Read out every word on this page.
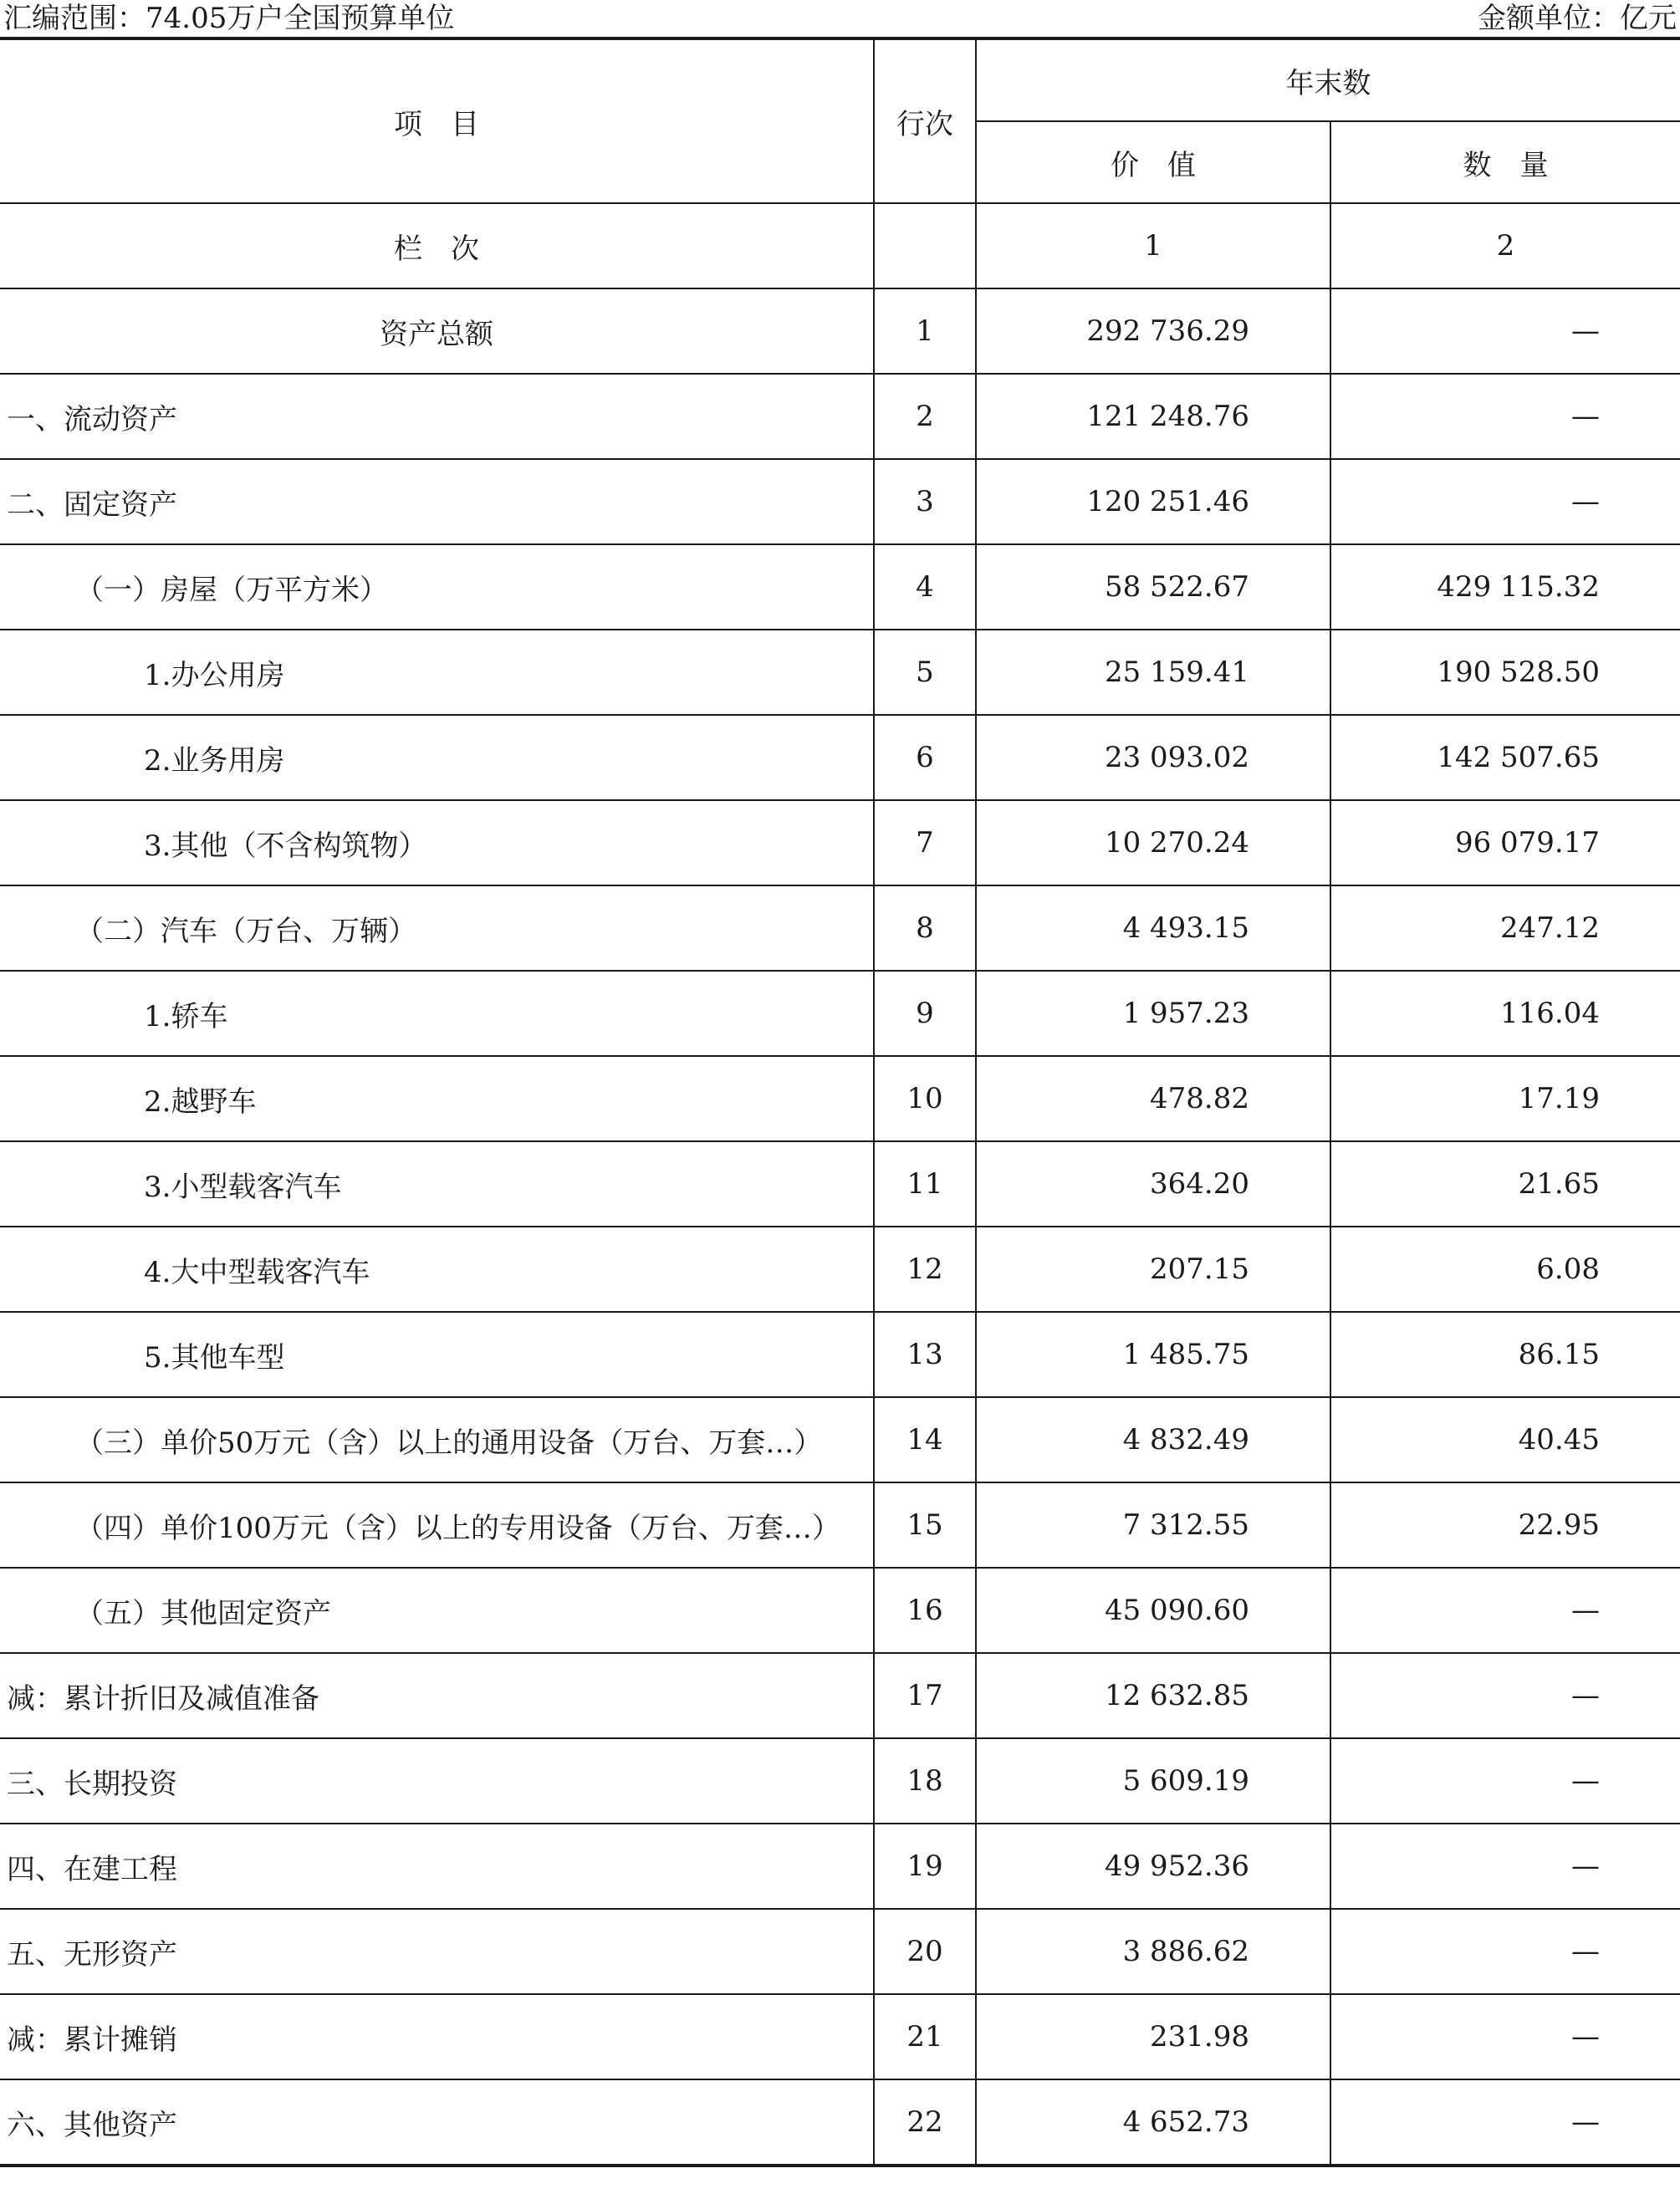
汇编范围：74.05万户全国预算单位	金额单位：亿元
项　目	行次	年末数	
		价　值	数　量
栏　次		1	2
资产总额	1	292 736.29	—
一、流动资产	2	121 248.76	—
二、固定资产	3	120 251.46	—
（一）房屋（万平方米）	4	58 522.67	429 115.32
1.办公用房	5	25 159.41	190 528.50
2.业务用房	6	23 093.02	142 507.65
3.其他（不含构筑物）	7	10 270.24	96 079.17
（二）汽车（万台、万辆）	8	4 493.15	247.12
1.轿车	9	1 957.23	116.04
2.越野车	10	478.82	17.19
3.小型载客汽车	11	364.20	21.65
4.大中型载客汽车	12	207.15	6.08
5.其他车型	13	1 485.75	86.15
（三）单价50万元（含）以上的通用设备（万台、万套…）	14	4 832.49	40.45
（四）单价100万元（含）以上的专用设备（万台、万套…）	15	7 312.55	22.95
（五）其他固定资产	16	45 090.60	—
减：累计折旧及减值准备	17	12 632.85	—
三、长期投资	18	5 609.19	—
四、在建工程	19	49 952.36	—
五、无形资产	20	3 886.62	—
减：累计摊销	21	231.98	—
六、其他资产	22	4 652.73	—
